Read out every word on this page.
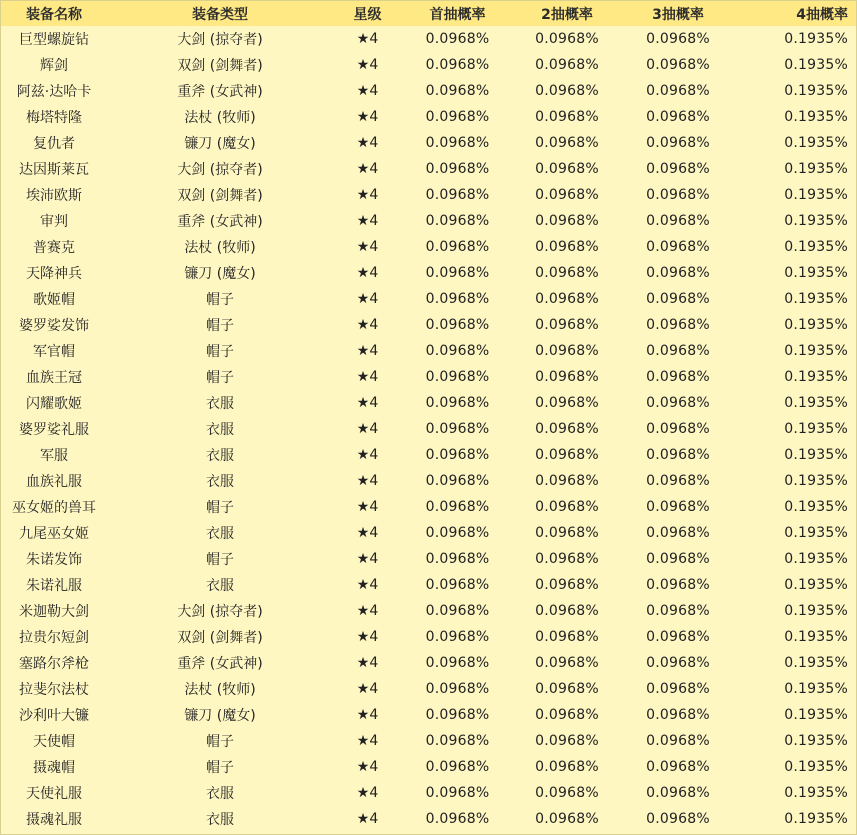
装备名称	装备类型	星级	首抽概率	2抽概率	3抽概率	4抽概率
巨型螺旋钻	大剑 (掠夺者)	★4	0.0968%	0.0968%	0.0968%	0.1935%
辉剑	双剑 (剑舞者)	★4	0.0968%	0.0968%	0.0968%	0.1935%
阿兹·达哈卡	重斧 (女武神)	★4	0.0968%	0.0968%	0.0968%	0.1935%
梅塔特隆	法杖 (牧师)	★4	0.0968%	0.0968%	0.0968%	0.1935%
复仇者	镰刀 (魔女)	★4	0.0968%	0.0968%	0.0968%	0.1935%
达因斯莱瓦	大剑 (掠夺者)	★4	0.0968%	0.0968%	0.0968%	0.1935%
埃沛欧斯	双剑 (剑舞者)	★4	0.0968%	0.0968%	0.0968%	0.1935%
审判	重斧 (女武神)	★4	0.0968%	0.0968%	0.0968%	0.1935%
普赛克	法杖 (牧师)	★4	0.0968%	0.0968%	0.0968%	0.1935%
天降神兵	镰刀 (魔女)	★4	0.0968%	0.0968%	0.0968%	0.1935%
歌姬帽	帽子	★4	0.0968%	0.0968%	0.0968%	0.1935%
婆罗娑发饰	帽子	★4	0.0968%	0.0968%	0.0968%	0.1935%
军官帽	帽子	★4	0.0968%	0.0968%	0.0968%	0.1935%
血族王冠	帽子	★4	0.0968%	0.0968%	0.0968%	0.1935%
闪耀歌姬	衣服	★4	0.0968%	0.0968%	0.0968%	0.1935%
婆罗娑礼服	衣服	★4	0.0968%	0.0968%	0.0968%	0.1935%
军服	衣服	★4	0.0968%	0.0968%	0.0968%	0.1935%
血族礼服	衣服	★4	0.0968%	0.0968%	0.0968%	0.1935%
巫女姬的兽耳	帽子	★4	0.0968%	0.0968%	0.0968%	0.1935%
九尾巫女姬	衣服	★4	0.0968%	0.0968%	0.0968%	0.1935%
朱诺发饰	帽子	★4	0.0968%	0.0968%	0.0968%	0.1935%
朱诺礼服	衣服	★4	0.0968%	0.0968%	0.0968%	0.1935%
米迦勒大剑	大剑 (掠夺者)	★4	0.0968%	0.0968%	0.0968%	0.1935%
拉贵尔短剑	双剑 (剑舞者)	★4	0.0968%	0.0968%	0.0968%	0.1935%
塞路尔斧枪	重斧 (女武神)	★4	0.0968%	0.0968%	0.0968%	0.1935%
拉斐尔法杖	法杖 (牧师)	★4	0.0968%	0.0968%	0.0968%	0.1935%
沙利叶大镰	镰刀 (魔女)	★4	0.0968%	0.0968%	0.0968%	0.1935%
天使帽	帽子	★4	0.0968%	0.0968%	0.0968%	0.1935%
摄魂帽	帽子	★4	0.0968%	0.0968%	0.0968%	0.1935%
天使礼服	衣服	★4	0.0968%	0.0968%	0.0968%	0.1935%
摄魂礼服	衣服	★4	0.0968%	0.0968%	0.0968%	0.1935%
